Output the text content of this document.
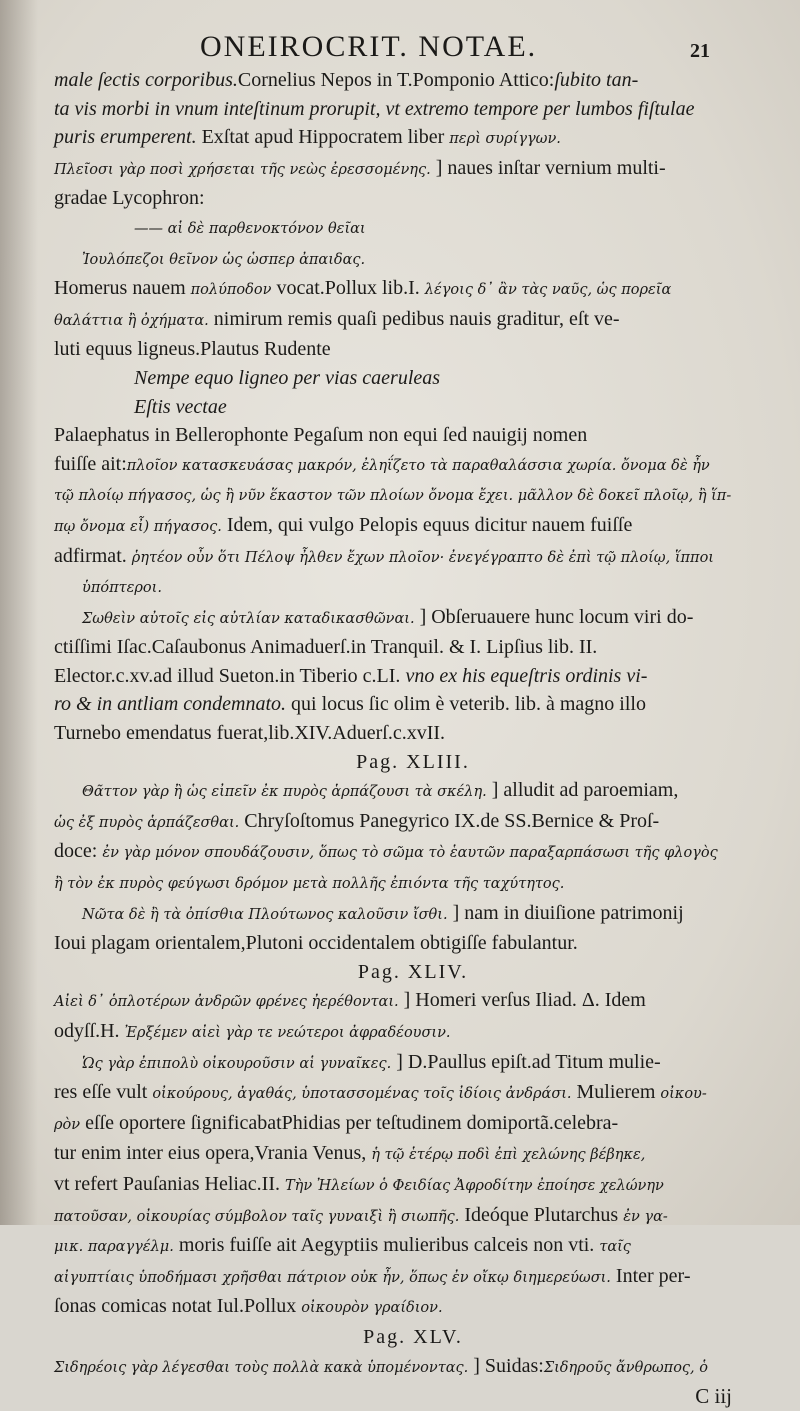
ONEIROCRIT. NOTAE.	21
male ſectis corporibus.Cornelius Nepos in T.Pomponio Attico:ſubito tan-
ta vis morbi in vnum inteſtinum prorupit, vt extremo tempore per lumbos fiſtulae
puris erumperent. Exſtat apud Hippocratem liber περὶ συρίγγων.
Πλεῖοσι γὰρ ποσὶ χρήσεται τῆς νεὼς ἐρεσσομένης. ] naues inſtar vernium multi-
gradae Lycophron:
—— αἱ δὲ παρθενοκτόνον θεῖαι
Ἰουλόπεζοι θεῖνον ὡς ὡσπερ ἀπαιδας.
Homerus nauem πολύποδον vocat.Pollux lib.I. λέγοις δ᾽ ἂν τὰς ναῦς, ὡς πορεῖα
θαλάττια ἢ ὀχήματα. nimirum remis quaſi pedibus nauis graditur, eſt ve-
luti equus ligneus.Plautus Rudente
Nempe equo ligneo per vias caeruleas
Eſtis vectae
Palaephatus in Bellerophonte Pegaſum non equi ſed nauigij nomen
fuiſſe ait:πλοῖον κατασκευάσας μακρόν, ἐληΐζετο τὰ παραθαλάσσια χωρία. ὄνομα δὲ ἦν
τῷ πλοίῳ πήγασος, ὡς ἢ νῦν ἕκαστον τῶν πλοίων ὄνομα ἔχει. μᾶλλον δὲ δοκεῖ πλοῖῳ, ἢ ἵπ-
πῳ ὄνομα εἶ) πήγασος. Idem, qui vulgo Pelopis equus dicitur nauem fuiſſe
adfirmat. ῥητέον οὖν ὅτι Πέλοψ ἦλθεν ἔχων πλοῖον· ἐνεγέγραπτο δὲ ἐπὶ τῷ πλοίῳ, ἵπποι
ὑπόπτεροι.
Σωθεὶν αὐτοῖς εἰς αὐτλίαν καταδικασθῶναι. ] Obſeruauere hunc locum viri do-
ctiſſimi Iſac.Caſaubonus Animaduerſ.in Tranquil. & I. Lipſius lib. II.
Elector.c.xv.ad illud Sueton.in Tiberio c.LI. vno ex his equeſtris ordinis vi-
ro & in antliam condemnato. qui locus ſic olim è veterib. lib. à magno illo
Turnebo emendatus fuerat,lib.XIV.Aduerſ.c.xvII.
Pag. XLIII.
Θᾶττον γὰρ ἢ ὡς εἰπεῖν ἐκ πυρὸς ἁρπάζουσι τὰ σκέλη. ] alludit ad paroemiam,
ὡς ἐξ πυρὸς ἁρπάζεσθαι. Chryſoſtomus Panegyrico IX.de SS.Bernice & Proſ-
doce: ἐν γὰρ μόνον σπουδάζουσιν, ὅπως τὸ σῶμα τὸ ἑαυτῶν παραξαρπάσωσι τῆς φλογὸς
ἢ τὸν ἐκ πυρὸς φεύγωσι δρόμον μετὰ πολλῆς ἐπιόντα τῆς ταχύτητος.
Νῶτα δὲ ἢ τὰ ὀπίσθια Πλούτωνος καλοῦσιν ἴσθι. ] nam in diuiſione patrimonij
Ioui plagam orientalem,Plutoni occidentalem obtigiſſe fabulantur.
Pag. XLIV.
Αἰεὶ δ᾽ ὁπλοτέρων ἀνδρῶν φρένες ἠερέθονται. ] Homeri verſus Iliad. Δ. Idem
odyſſ.H. Ἐρξέμεν αἰεὶ γὰρ τε νεώτεροι ἀφραδέουσιν.
Ὡς γὰρ ἐπιπολὺ οἰκουροῦσιν αἱ γυναῖκες. ] D.Paullus epiſt.ad Titum mulie-
res eſſe vult οἰκούρους, ἀγαθάς, ὑποτασσομένας τοῖς ἰδίοις ἀνδράσι. Mulierem οἰκου-
ρὸν eſſe oportere ſignificabatPhidias per teſtudinem domiportã.celebra-
tur enim inter eius opera,Vrania Venus, ἡ τῷ ἑτέρῳ ποδὶ ἐπὶ χελώνης βέβηκε,
vt refert Pauſanias Heliac.II. Τὴν Ἠλείων ὁ Φειδίας Ἀφροδίτην ἐποίησε χελώνην
πατοῦσαν, οἰκουρίας σύμβολον ταῖς γυναιξὶ ἢ σιωπῆς. Ideóque Plutarchus ἐν γα-
μικ. παραγγέλμ. moris fuiſſe ait Aegyptiis mulieribus calceis non vti. ταῖς
αἰγυπτίαις ὑποδήμασι χρῆσθαι πάτριον οὐκ ἦν, ὅπως ἐν οἴκῳ διημερεύωσι. Inter per-
ſonas comicas notat Iul.Pollux οἰκουρὸν γραίδιον.
Pag. XLV.
Σιδηρέοις γὰρ λέγεσθαι τοὺς πολλὰ κακὰ ὑπομένοντας. ] Suidas:Σιδηροῦς ἄνθρωπος, ὁ
C iij
